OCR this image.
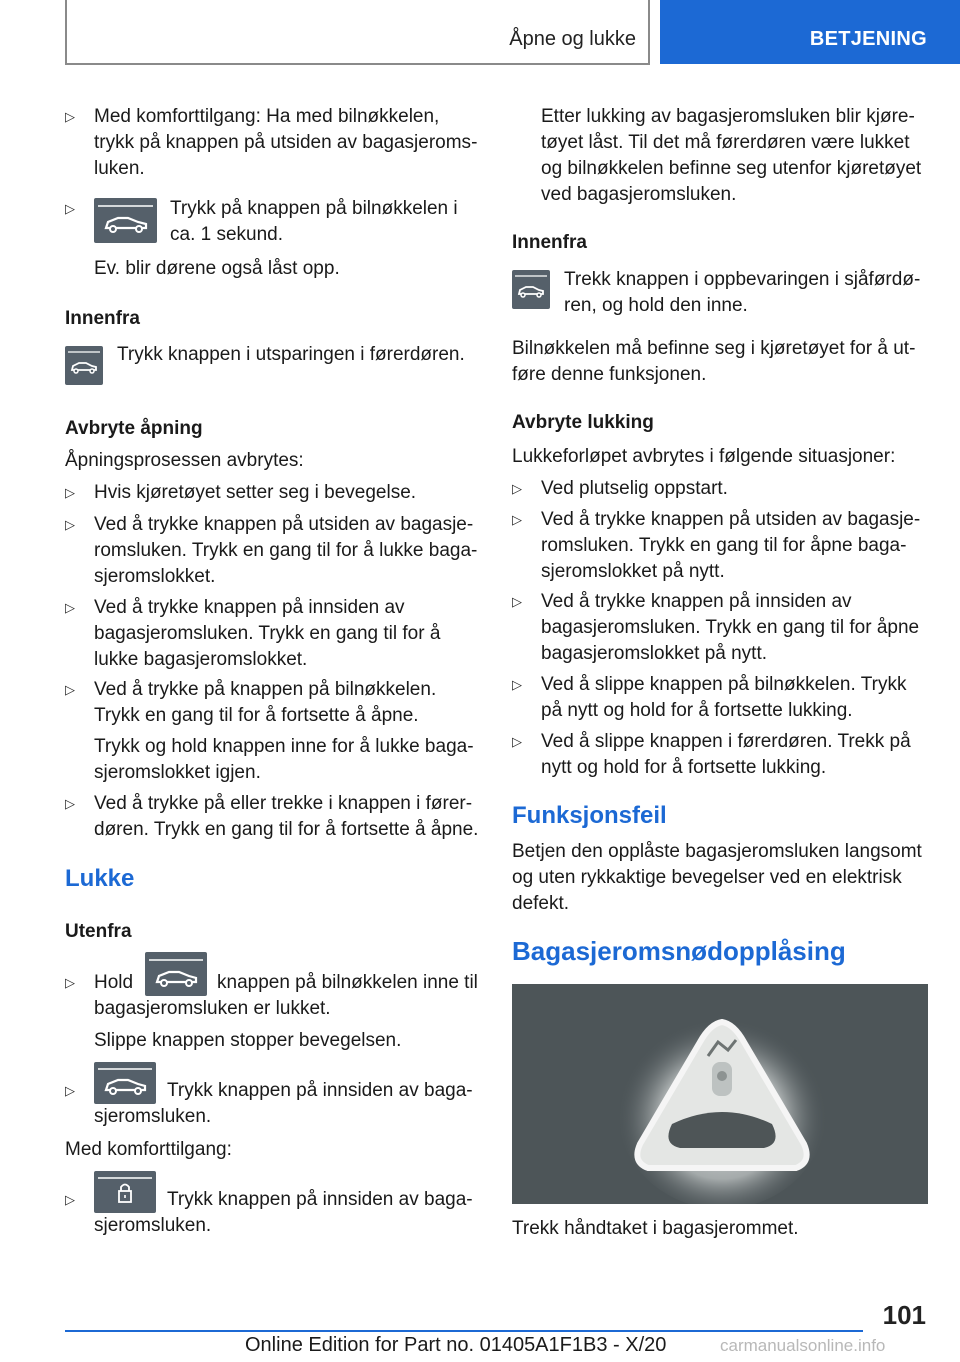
Åpne og lukke	BETJENING
▷ Med komforttilgang: Ha med bilnøkkelen, trykk på knappen på utsiden av bagasjeromsluken.
▷	Trykk på knappen på bilnøkkelen i ca. 1 sekund.
Ev. blir dørene også låst opp.
Innenfra
Trykk knappen i utsparingen i førerdøren.
Avbryte åpning
Åpningsprosessen avbrytes:
▷ Hvis kjøretøyet setter seg i bevegelse.
▷ Ved å trykke knappen på utsiden av bagasjeromsluken. Trykk en gang til for å lukke bagasjeromslokket.
▷ Ved å trykke knappen på innsiden av bagasjeromsluken. Trykk en gang til for å lukke bagasjeromslokket.
▷ Ved å trykke på knappen på bilnøkkelen. Trykk en gang til for å fortsette å åpne.
Trykk og hold knappen inne for å lukke bagasjeromslokket igjen.
▷ Ved å trykke på eller trekke i knappen i førerdøren. Trykk en gang til for å fortsette å åpne.
Lukke
Utenfra
▷ Hold	knappen på bilnøkkelen inne til bagasjeromsluken er lukket.
Slippe knappen stopper bevegelsen.
▷	Trykk knappen på innsiden av bagasjeromsluken.
Med komforttilgang:
▷	Trykk knappen på innsiden av bagasjeromsluken.
Etter lukking av bagasjeromsluken blir kjøretøyet låst. Til det må førerdøren være lukket og bilnøkkelen befinne seg utenfor kjøretøyet ved bagasjeromsluken.
Innenfra
Trekk knappen i oppbevaringen i sjåførdøren, og hold den inne.
Bilnøkkelen må befinne seg i kjøretøyet for å utføre denne funksjonen.
Avbryte lukking
Lukkeforløpet avbrytes i følgende situasjoner:
▷ Ved plutselig oppstart.
▷ Ved å trykke knappen på utsiden av bagasjeromsluken. Trykk en gang til for åpne bagasjeromslokket på nytt.
▷ Ved å trykke knappen på innsiden av bagasjeromsluken. Trykk en gang til for åpne bagasjeromslokket på nytt.
▷ Ved å slippe knappen på bilnøkkelen. Trykk på nytt og hold for å fortsette lukking.
▷ Ved å slippe knappen i førerdøren. Trekk på nytt og hold for å fortsette lukking.
Funksjonsfeil
Betjen den opplåste bagasjeromsluken langsomt og uten rykkaktige bevegelser ved en elektrisk defekt.
Bagasjeromsnødopplåsing
Trekk håndtaket i bagasjerommet.
101
Online Edition for Part no. 01405A1F1B3 - X/20	carmanualsonline.info
